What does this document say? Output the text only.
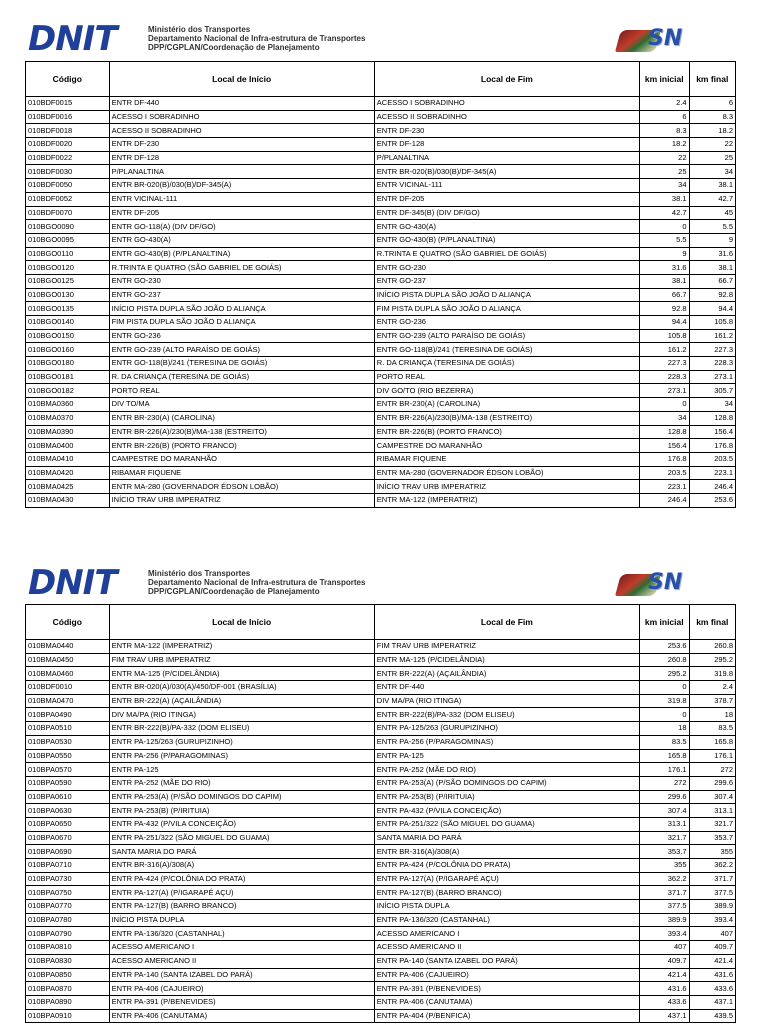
DNIT	Ministério dos Transportes
Departamento Nacional de Infra-estrutura de Transportes
DPP/CGPLAN/Coordenação de Planejamento	SN
Código	Local de Início	Local de Fim	km inicial	km final
010BDF0015	ENTR DF-440	ACESSO I SOBRADINHO	2.4	6
010BDF0016	ACESSO I SOBRADINHO	ACESSO II SOBRADINHO	6	8.3
010BDF0018	ACESSO II SOBRADINHO	ENTR DF-230	8.3	18.2
010BDF0020	ENTR DF-230	ENTR DF-128	18.2	22
010BDF0022	ENTR DF-128	P/PLANALTINA	22	25
010BDF0030	P/PLANALTINA	ENTR BR-020(B)/030(B)/DF-345(A)	25	34
010BDF0050	ENTR BR-020(B)/030(B)/DF-345(A)	ENTR VICINAL-111	34	38.1
010BDF0052	ENTR VICINAL-111	ENTR DF-205	38.1	42.7
010BDF0070	ENTR DF-205	ENTR DF-345(B) (DIV DF/GO)	42.7	45
010BGO0090	ENTR GO-118(A) (DIV DF/GO)	ENTR GO-430(A)	0	5.5
010BGO0095	ENTR GO-430(A)	ENTR GO-430(B) (P/PLANALTINA)	5.5	9
010BGO0110	ENTR GO-430(B) (P/PLANALTINA)	R.TRINTA E QUATRO (SÃO GABRIEL DE GOIÁS)	9	31.6
010BGO0120	R.TRINTA E QUATRO (SÃO GABRIEL DE GOIÁS)	ENTR GO-230	31.6	38.1
010BGO0125	ENTR GO-230	ENTR GO-237	38.1	66.7
010BGO0130	ENTR GO-237	INÍCIO PISTA DUPLA SÃO JOÃO D ALIANÇA	66.7	92.8
010BGO0135	INÍCIO PISTA DUPLA SÃO JOÃO D ALIANÇA	FIM PISTA DUPLA SÃO JOÃO D ALIANÇA	92.8	94.4
010BGO0140	FIM PISTA DUPLA SÃO JOÃO D ALIANÇA	ENTR GO-236	94.4	105.8
010BGO0150	ENTR GO-236	ENTR GO-239 (ALTO PARAÍSO DE GOIÁS)	105.8	161.2
010BGO0160	ENTR GO-239 (ALTO PARAÍSO DE GOIÁS)	ENTR GO-118(B)/241 (TERESINA DE GOIÁS)	161.2	227.3
010BGO0180	ENTR GO-118(B)/241 (TERESINA DE GOIÁS)	R. DA CRIANÇA (TERESINA DE GOIÁS)	227.3	228.3
010BGO0181	R. DA CRIANÇA (TERESINA DE GOIÁS)	PORTO REAL	228.3	273.1
010BGO0182	PORTO REAL	DIV GO/TO (RIO BEZERRA)	273.1	305.7
010BMA0360	DIV TO/MA	ENTR BR-230(A) (CAROLINA)	0	34
010BMA0370	ENTR BR-230(A) (CAROLINA)	ENTR BR-226(A)/230(B)/MA-138 (ESTREITO)	34	128.8
010BMA0390	ENTR BR-226(A)/230(B)/MA-138 (ESTREITO)	ENTR BR-226(B) (PORTO FRANCO)	128.8	156.4
010BMA0400	ENTR BR-226(B) (PORTO FRANCO)	CAMPESTRE DO MARANHÃO	156.4	176.8
010BMA0410	CAMPESTRE DO MARANHÃO	RIBAMAR FIQUENE	176.8	203.5
010BMA0420	RIBAMAR FIQUENE	ENTR MA-280 (GOVERNADOR ÉDSON LOBÃO)	203.5	223.1
010BMA0425	ENTR MA-280 (GOVERNADOR ÉDSON LOBÃO)	INÍCIO TRAV URB IMPERATRIZ	223.1	246.4
010BMA0430	INÍCIO TRAV URB IMPERATRIZ	ENTR MA-122 (IMPERATRIZ)	246.4	253.6
DNIT	Ministério dos Transportes
Departamento Nacional de Infra-estrutura de Transportes
DPP/CGPLAN/Coordenação de Planejamento	SN
Código	Local de Início	Local de Fim	km inicial	km final
010BMA0440	ENTR MA-122 (IMPERATRIZ)	FIM TRAV URB IMPERATRIZ	253.6	260.8
010BMA0450	FIM TRAV URB IMPERATRIZ	ENTR MA-125 (P/CIDELÂNDIA)	260.8	295.2
010BMA0460	ENTR MA-125 (P/CIDELÂNDIA)	ENTR BR-222(A) (AÇAILÂNDIA)	295.2	319.8
010BDF0010	ENTR BR-020(A)/030(A)/450/DF-001 (BRASÍLIA)	ENTR DF-440	0	2.4
010BMA0470	ENTR BR-222(A) (AÇAILÂNDIA)	DIV MA/PA (RIO ITINGA)	319.8	378.7
010BPA0490	DIV MA/PA (RIO ITINGA)	ENTR BR-222(B)/PA-332 (DOM ELISEU)	0	18
010BPA0510	ENTR BR-222(B)/PA-332 (DOM ELISEU)	ENTR PA-125/263 (GURUPIZINHO)	18	83.5
010BPA0530	ENTR PA-125/263 (GURUPIZINHO)	ENTR PA-256 (P/PARAGOMINAS)	83.5	165.8
010BPA0550	ENTR PA-256 (P/PARAGOMINAS)	ENTR PA-125	165.8	176.1
010BPA0570	ENTR PA-125	ENTR PA-252 (MÃE DO RIO)	176.1	272
010BPA0590	ENTR PA-252 (MÃE DO RIO)	ENTR PA-253(A) (P/SÃO DOMINGOS DO CAPIM)	272	299.6
010BPA0610	ENTR PA-253(A) (P/SÃO DOMINGOS DO CAPIM)	ENTR PA-253(B) (P/IRITUIA)	299.6	307.4
010BPA0630	ENTR PA-253(B) (P/IRITUIA)	ENTR PA-432 (P/VILA CONCEIÇÃO)	307.4	313.1
010BPA0650	ENTR PA-432 (P/VILA CONCEIÇÃO)	ENTR PA-251/322 (SÃO MIGUEL DO GUAMA)	313.1	321.7
010BPA0670	ENTR PA-251/322 (SÃO MIGUEL DO GUAMA)	SANTA MARIA DO PARÁ	321.7	353.7
010BPA0690	SANTA MARIA DO PARÁ	ENTR BR-316(A)/308(A)	353.7	355
010BPA0710	ENTR BR-316(A)/308(A)	ENTR PA-424 (P/COLÔNIA DO PRATA)	355	362.2
010BPA0730	ENTR PA-424 (P/COLÔNIA DO PRATA)	ENTR PA-127(A) (P/IGARAPÉ AÇU)	362.2	371.7
010BPA0750	ENTR PA-127(A) (P/IGARAPÉ AÇU)	ENTR PA-127(B) (BARRO BRANCO)	371.7	377.5
010BPA0770	ENTR PA-127(B) (BARRO BRANCO)	INÍCIO PISTA DUPLA	377.5	389.9
010BPA0780	INÍCIO PISTA DUPLA	ENTR PA-136/320 (CASTANHAL)	389.9	393.4
010BPA0790	ENTR PA-136/320 (CASTANHAL)	ACESSO AMERICANO I	393.4	407
010BPA0810	ACESSO AMERICANO I	ACESSO AMERICANO II	407	409.7
010BPA0830	ACESSO AMERICANO II	ENTR PA-140 (SANTA IZABEL DO PARÁ)	409.7	421.4
010BPA0850	ENTR PA-140 (SANTA IZABEL DO PARÁ)	ENTR PA-406 (CAJUEIRO)	421.4	431.6
010BPA0870	ENTR PA-406 (CAJUEIRO)	ENTR PA-391 (P/BENEVIDES)	431.6	433.6
010BPA0890	ENTR PA-391 (P/BENEVIDES)	ENTR PA-406 (CANUTAMA)	433.6	437.1
010BPA0910	ENTR PA-406 (CANUTAMA)	ENTR PA-404 (P/BENFICA)	437.1	439.5
